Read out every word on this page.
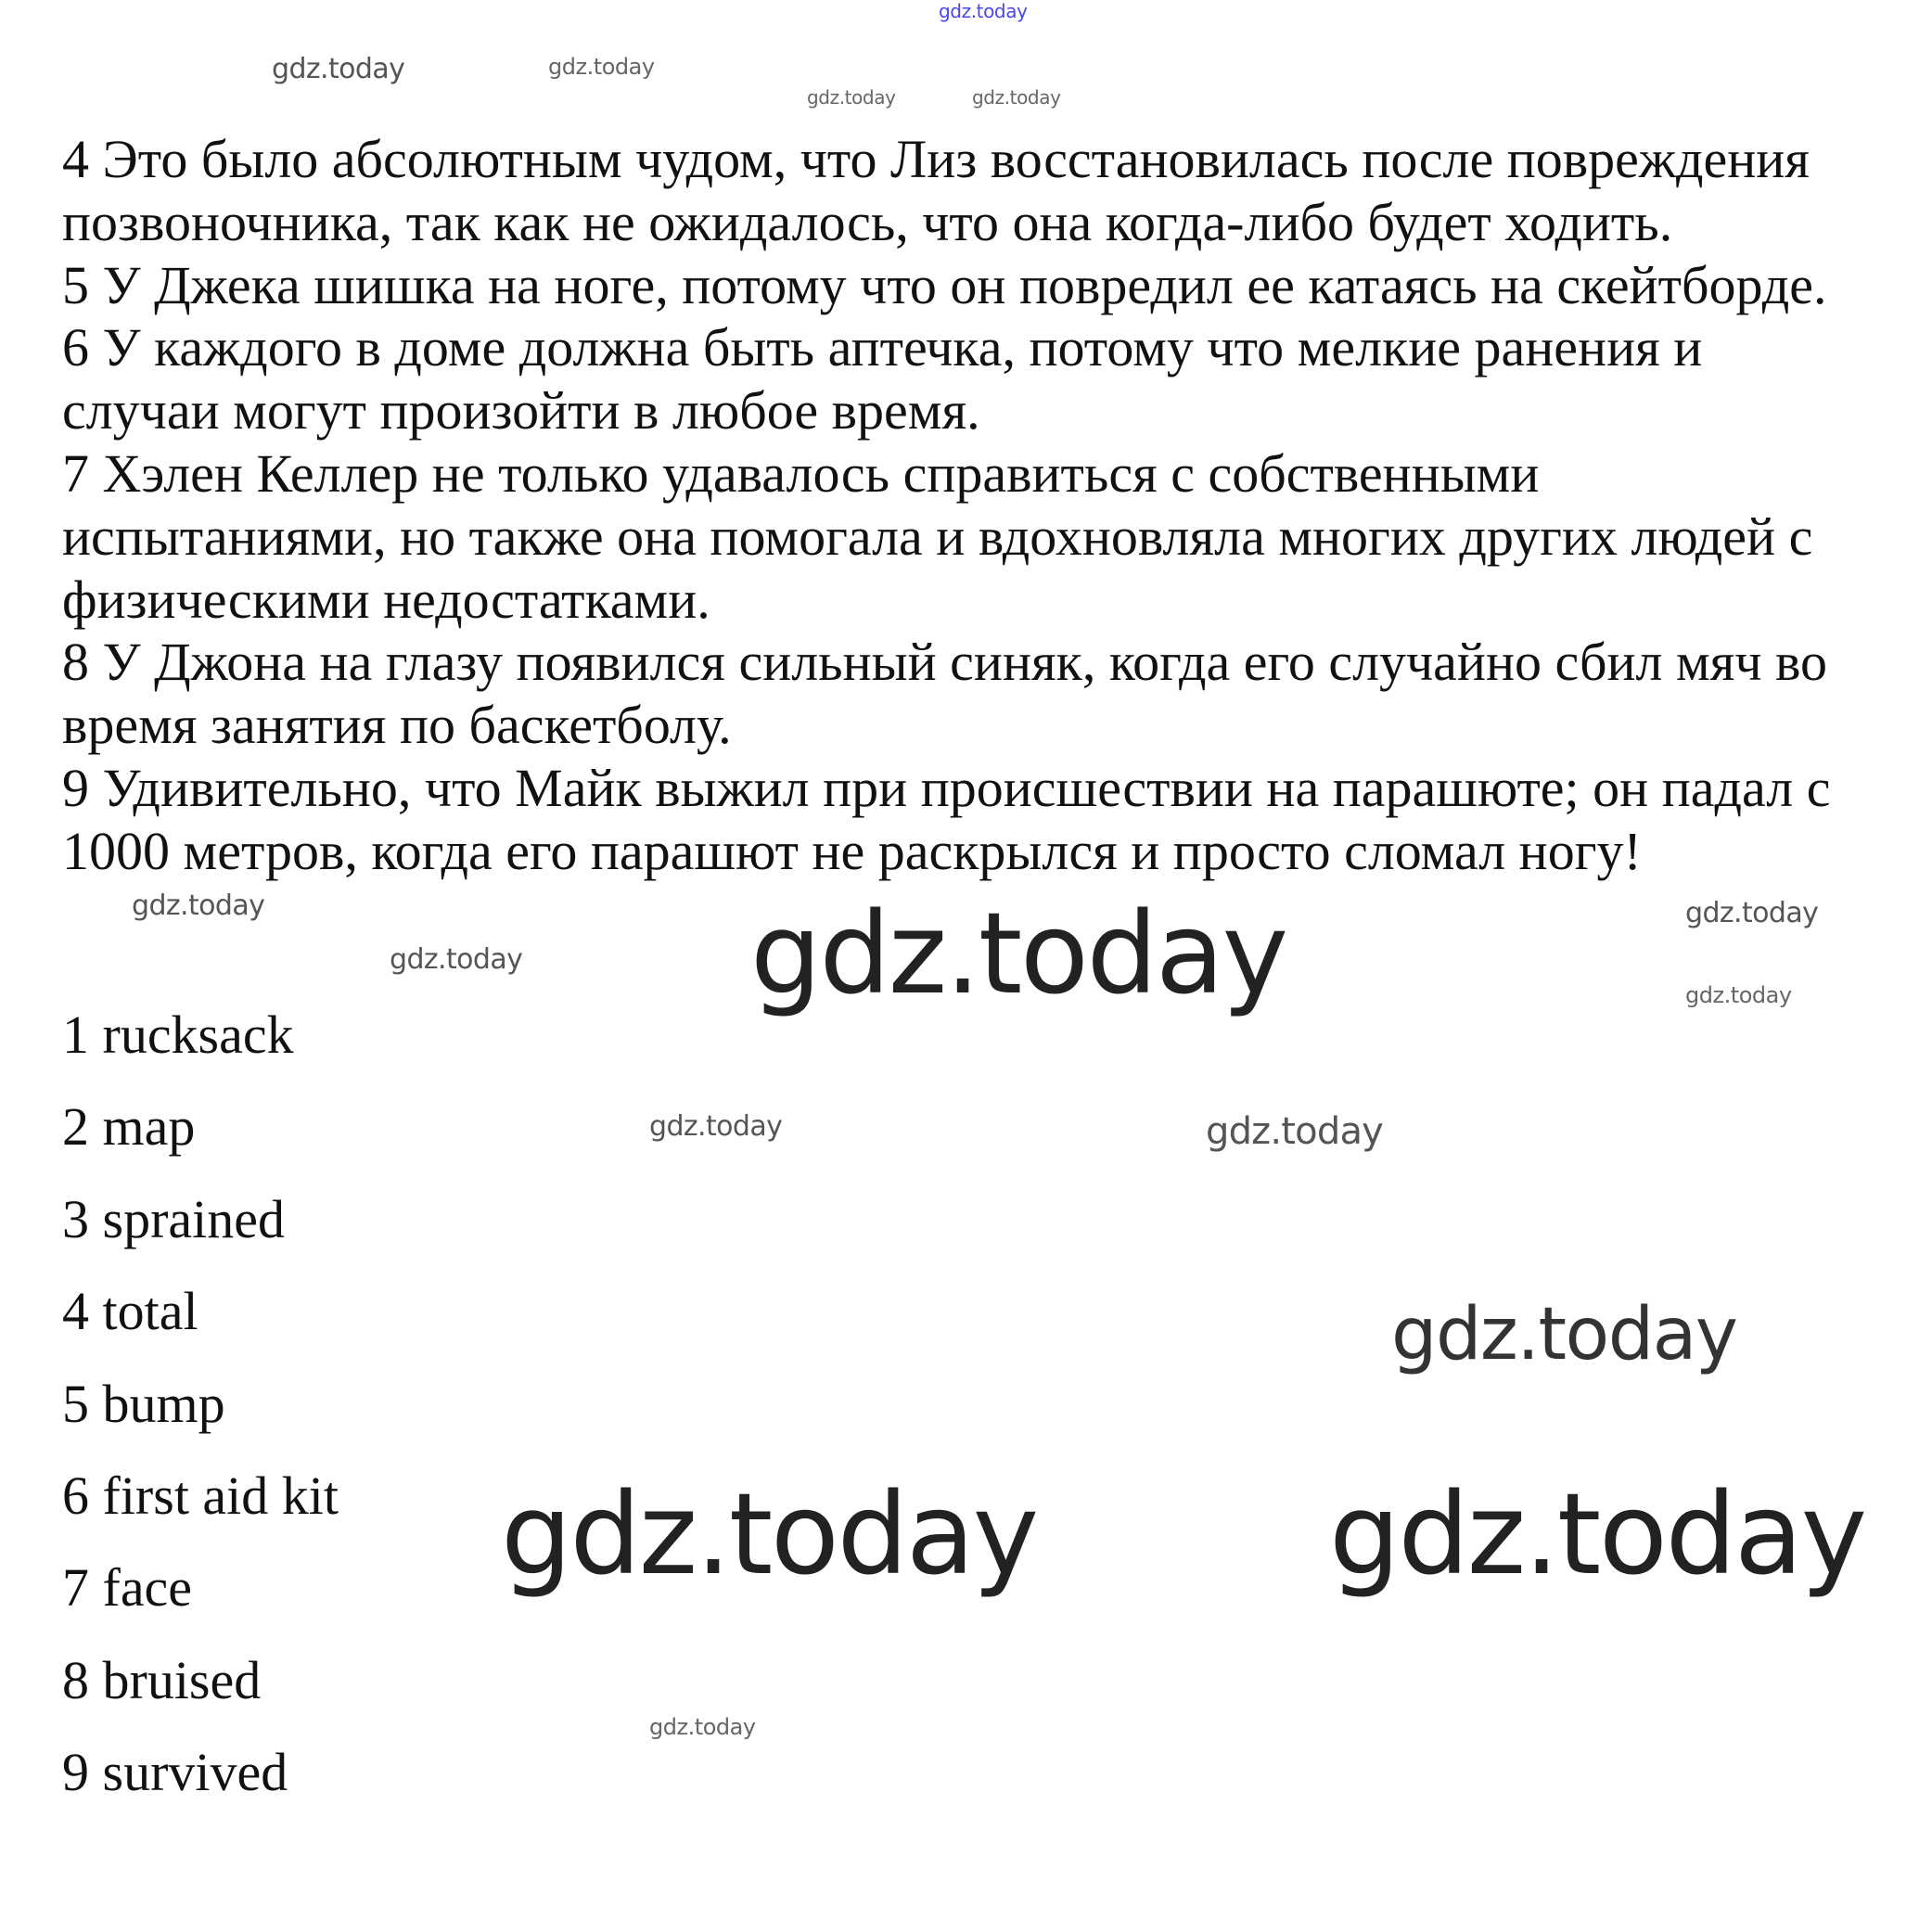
gdz.today
4 Это было абсолютным чудом, что Лиз восстановилась после повреждения
позвоночника, так как не ожидалось, что она когда-либо будет ходить.
5 У Джека шишка на ноге, потому что он повредил ее катаясь на скейтборде.
6 У каждого в доме должна быть аптечка, потому что мелкие ранения и
случаи могут произойти в любое время.
7 Хэлен Келлер не только удавалось справиться с собственными
испытаниями, но также она помогала и вдохновляла многих других людей с
физическими недостатками.
8 У Джона на глазу появился сильный синяк, когда его случайно сбил мяч во
время занятия по баскетболу.
9 Удивительно, что Майк выжил при происшествии на парашюте; он падал с
1000 метров, когда его парашют не раскрылся и просто сломал ногу!
1 rucksack
2 map
3 sprained
4 total
5 bump
6 first aid kit
7 face
8 bruised
9 survived
gdz.today
gdz.today	gdz.today
gdz.today
gdz.today	gdz.today
gdz.today
gdz.today
gdz.today
gdz.today
gdz.today
gdz.today
gdz.today
gdz.today	gdz.today
